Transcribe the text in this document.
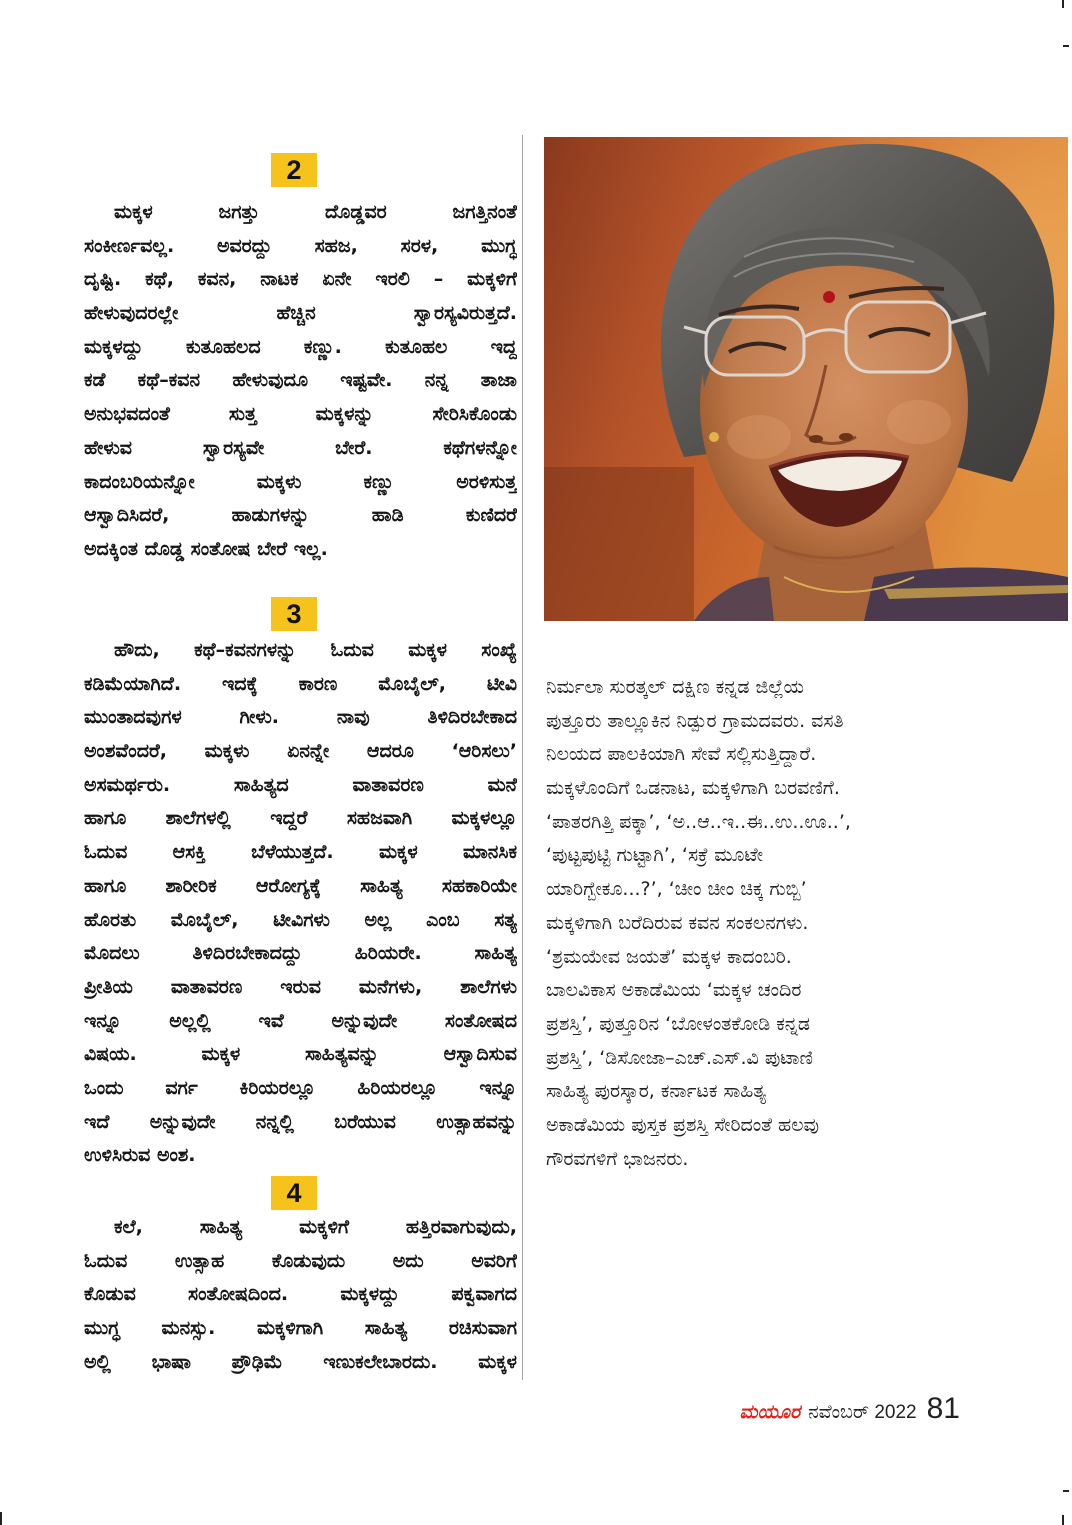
2
ಮಕ್ಕಳ ಜಗತ್ತು ದೊಡ್ಡವರ ಜಗತ್ತಿನಂತೆ
ಸಂಕೀರ್ಣವಲ್ಲ. ಅವರದ್ದು ಸಹಜ, ಸರಳ, ಮುಗ್ಧ
ದೃಷ್ಟಿ. ಕಥೆ, ಕವನ, ನಾಟಕ ಏನೇ ಇರಲಿ – ಮಕ್ಕಳಿಗೆ
ಹೇಳುವುದರಲ್ಲೇ ಹೆಚ್ಚಿನ ಸ್ವಾರಸ್ಯವಿರುತ್ತದೆ.
ಮಕ್ಕಳದ್ದು ಕುತೂಹಲದ ಕಣ್ಣು. ಕುತೂಹಲ ಇದ್ದ
ಕಡೆ ಕಥೆ–ಕವನ ಹೇಳುವುದೂ ಇಷ್ಟವೇ. ನನ್ನ ತಾಜಾ
ಅನುಭವದಂತೆ ಸುತ್ತ ಮಕ್ಕಳನ್ನು ಸೇರಿಸಿಕೊಂಡು
ಹೇಳುವ ಸ್ವಾರಸ್ಯವೇ ಬೇರೆ. ಕಥೆಗಳನ್ನೋ
ಕಾದಂಬರಿಯನ್ನೋ ಮಕ್ಕಳು ಕಣ್ಣು ಅರಳಿಸುತ್ತ
ಆಸ್ವಾದಿಸಿದರೆ, ಹಾಡುಗಳನ್ನು ಹಾಡಿ ಕುಣಿದರೆ
ಅದಕ್ಕಿಂತ ದೊಡ್ಡ ಸಂತೋಷ ಬೇರೆ ಇಲ್ಲ.
3
ಹೌದು, ಕಥೆ–ಕವನಗಳನ್ನು ಓದುವ ಮಕ್ಕಳ ಸಂಖ್ಯೆ
ಕಡಿಮೆಯಾಗಿದೆ. ಇದಕ್ಕೆ ಕಾರಣ ಮೊಬೈಲ್, ಟೀವಿ
ಮುಂತಾದವುಗಳ ಗೀಳು. ನಾವು ತಿಳಿದಿರಬೇಕಾದ
ಅಂಶವೆಂದರೆ, ಮಕ್ಕಳು ಏನನ್ನೇ ಆದರೂ ‘ಆರಿಸಲು’
ಅಸಮರ್ಥರು. ಸಾಹಿತ್ಯದ ವಾತಾವರಣ ಮನೆ
ಹಾಗೂ ಶಾಲೆಗಳಲ್ಲಿ ಇದ್ದರೆ ಸಹಜವಾಗಿ ಮಕ್ಕಳಲ್ಲೂ
ಓದುವ ಆಸಕ್ತಿ ಬೆಳೆಯುತ್ತದೆ. ಮಕ್ಕಳ ಮಾನಸಿಕ
ಹಾಗೂ ಶಾರೀರಿಕ ಆರೋಗ್ಯಕ್ಕೆ ಸಾಹಿತ್ಯ ಸಹಕಾರಿಯೇ
ಹೊರತು ಮೊಬೈಲ್, ಟೀವಿಗಳು ಅಲ್ಲ ಎಂಬ ಸತ್ಯ
ಮೊದಲು ತಿಳಿದಿರಬೇಕಾದದ್ದು ಹಿರಿಯರೇ. ಸಾಹಿತ್ಯ
ಪ್ರೀತಿಯ ವಾತಾವರಣ ಇರುವ ಮನೆಗಳು, ಶಾಲೆಗಳು
ಇನ್ನೂ ಅಲ್ಲಲ್ಲಿ ಇವೆ ಅನ್ನುವುದೇ ಸಂತೋಷದ
ವಿಷಯ. ಮಕ್ಕಳ ಸಾಹಿತ್ಯವನ್ನು ಆಸ್ವಾದಿಸುವ
ಒಂದು ವರ್ಗ ಕಿರಿಯರಲ್ಲೂ ಹಿರಿಯರಲ್ಲೂ ಇನ್ನೂ
ಇದೆ ಅನ್ನುವುದೇ ನನ್ನಲ್ಲಿ ಬರೆಯುವ ಉತ್ಸಾಹವನ್ನು
ಉಳಿಸಿರುವ ಅಂಶ.
4
ಕಲೆ, ಸಾಹಿತ್ಯ ಮಕ್ಕಳಿಗೆ ಹತ್ತಿರವಾಗುವುದು,
ಓದುವ ಉತ್ಸಾಹ ಕೊಡುವುದು ಅದು ಅವರಿಗೆ
ಕೊಡುವ ಸಂತೋಷದಿಂದ. ಮಕ್ಕಳದ್ದು ಪಕ್ವವಾಗದ
ಮುಗ್ಧ ಮನಸ್ಸು. ಮಕ್ಕಳಿಗಾಗಿ ಸಾಹಿತ್ಯ ರಚಿಸುವಾಗ
ಅಲ್ಲಿ ಭಾಷಾ ಪ್ರೌಢಿಮೆ ಇಣುಕಲೇಬಾರದು. ಮಕ್ಕಳ
ನಿರ್ಮಲಾ ಸುರತ್ಕಲ್ ದಕ್ಷಿಣ ಕನ್ನಡ ಜಿಲ್ಲೆಯ
ಪುತ್ತೂರು ತಾಲ್ಲೂಕಿನ ನಿಡ್ಪುರ ಗ್ರಾಮದವರು. ವಸತಿ
ನಿಲಯದ ಪಾಲಕಿಯಾಗಿ ಸೇವೆ ಸಲ್ಲಿಸುತ್ತಿದ್ದಾರೆ.
ಮಕ್ಕಳೊಂದಿಗೆ ಒಡನಾಟ, ಮಕ್ಕಳಿಗಾಗಿ ಬರವಣಿಗೆ.
‘ಪಾತರಗಿತ್ತಿ ಪಕ್ಕಾ’, ‘ಅ..ಆ..ಇ..ಈ..ಉ..ಊ..’,
‘ಪುಟ್ಟಪುಟ್ಟಿ ಗುಟ್ಟಾಗಿ’, ‘ಸಕ್ರೆ ಮೂಟೇ
ಯಾರಿಗ್ಬೇಕೂ...?’, ‘ಚೀಂ ಚೀಂ ಚಿಕ್ಕ ಗುಬ್ಬಿ’
ಮಕ್ಕಳಿಗಾಗಿ ಬರೆದಿರುವ ಕವನ ಸಂಕಲನಗಳು.
‘ಶ್ರಮಯೇವ ಜಯತೆ’ ಮಕ್ಕಳ ಕಾದಂಬರಿ.
ಬಾಲವಿಕಾಸ ಅಕಾಡೆಮಿಯ ‘ಮಕ್ಕಳ ಚಂದಿರ
ಪ್ರಶಸ್ತಿ’, ಪುತ್ತೂರಿನ ‘ಬೋಳಂತಕೋಡಿ ಕನ್ನಡ
ಪ್ರಶಸ್ತಿ’, ‘ಡಿಸೋಜಾ–ಎಚ್.ಎಸ್.ವಿ ಪುಟಾಣಿ
ಸಾಹಿತ್ಯ ಪುರಸ್ಕಾರ, ಕರ್ನಾಟಕ ಸಾಹಿತ್ಯ
ಅಕಾಡೆಮಿಯ ಪುಸ್ತಕ ಪ್ರಶಸ್ತಿ ಸೇರಿದಂತೆ ಹಲವು
ಗೌರವಗಳಿಗೆ ಭಾಜನರು.
ಮಯೂರ ನವೆಂಬರ್ 2022 81
